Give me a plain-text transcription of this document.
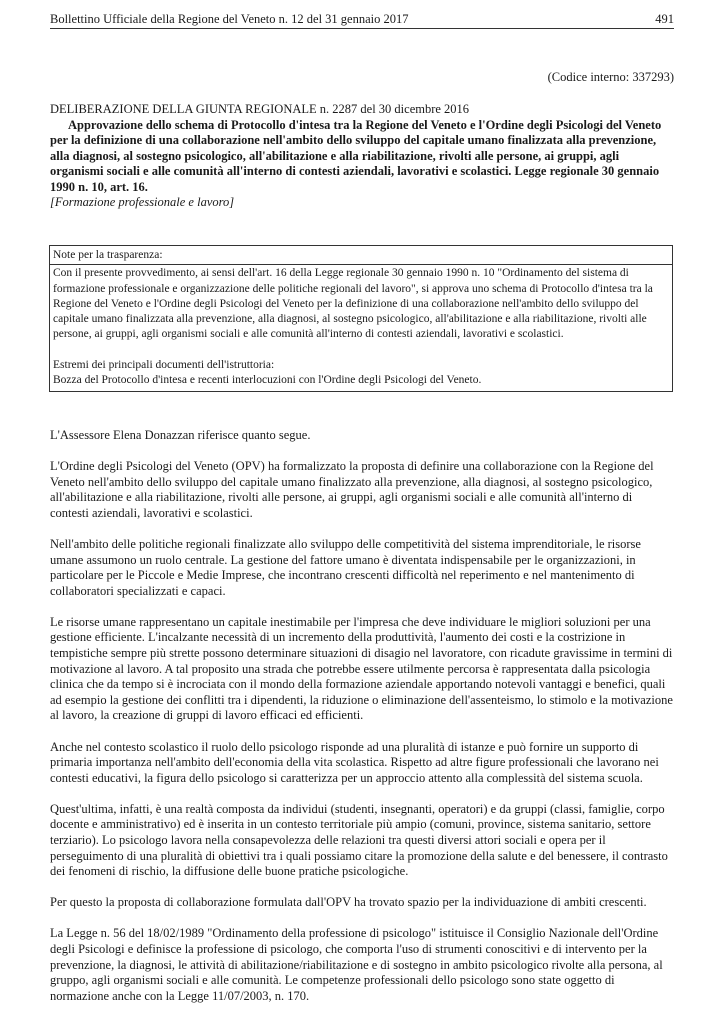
Bollettino Ufficiale della Regione del Veneto n. 12 del 31 gennaio 2017	491
(Codice interno: 337293)

DELIBERAZIONE DELLA GIUNTA REGIONALE n. 2287 del 30 dicembre 2016

Approvazione dello schema di Protocollo d'intesa tra la Regione del Veneto e l'Ordine degli Psicologi del Veneto per la definizione di una collaborazione nell'ambito dello sviluppo del capitale umano finalizzata alla prevenzione, alla diagnosi, al sostegno psicologico, all'abilitazione e alla riabilitazione, rivolti alle persone, ai gruppi, agli organismi sociali e alle comunità all'interno di contesti aziendali, lavorativi e scolastici. Legge regionale 30 gennaio 1990 n. 10, art. 16.

[Formazione professionale e lavoro]

Note per la trasparenza:

Con il presente provvedimento, ai sensi dell'art. 16 della Legge regionale 30 gennaio 1990 n. 10 "Ordinamento del sistema di formazione professionale e organizzazione delle politiche regionali del lavoro", si approva uno schema di Protocollo d'intesa tra la Regione del Veneto e l'Ordine degli Psicologi del Veneto per la definizione di una collaborazione nell'ambito dello sviluppo del capitale umano finalizzata alla prevenzione, alla diagnosi, al sostegno psicologico, all'abilitazione e alla riabilitazione, rivolti alle persone, ai gruppi, agli organismi sociali e alle comunità all'interno di contesti aziendali, lavorativi e scolastici.

Estremi dei principali documenti dell'istruttoria:

Bozza del Protocollo d'intesa e recenti interlocuzioni con l'Ordine degli Psicologi del Veneto.

L'Assessore Elena Donazzan riferisce quanto segue.

L'Ordine degli Psicologi del Veneto (OPV) ha formalizzato la proposta di definire una collaborazione con la Regione del Veneto nell'ambito dello sviluppo del capitale umano finalizzato alla prevenzione, alla diagnosi, al sostegno psicologico, all'abilitazione e alla riabilitazione, rivolti alle persone, ai gruppi, agli organismi sociali e alle comunità all'interno di contesti aziendali, lavorativi e scolastici.

Nell'ambito delle politiche regionali finalizzate allo sviluppo delle competitività del sistema imprenditoriale, le risorse umane assumono un ruolo centrale. La gestione del fattore umano è diventata indispensabile per le organizzazioni, in particolare per le Piccole e Medie Imprese, che incontrano crescenti difficoltà nel reperimento e nel mantenimento di collaboratori specializzati e capaci.

Le risorse umane rappresentano un capitale inestimabile per l'impresa che deve individuare le migliori soluzioni per una gestione efficiente. L'incalzante necessità di un incremento della produttività, l'aumento dei costi e la costrizione in tempistiche sempre più strette possono determinare situazioni di disagio nel lavoratore, con ricadute gravissime in termini di motivazione al lavoro. A tal proposito una strada che potrebbe essere utilmente percorsa è rappresentata dalla psicologia clinica che da tempo si è incrociata con il mondo della formazione aziendale apportando notevoli vantaggi e benefici, quali ad esempio la gestione dei conflitti tra i dipendenti, la riduzione o eliminazione dell'assenteismo, lo stimolo e la motivazione al lavoro, la creazione di gruppi di lavoro efficaci ed efficienti.

Anche nel contesto scolastico il ruolo dello psicologo risponde ad una pluralità di istanze e può fornire un supporto di primaria importanza nell'ambito dell'economia della vita scolastica. Rispetto ad altre figure professionali che lavorano nei contesti educativi, la figura dello psicologo si caratterizza per un approccio attento alla complessità del sistema scuola.

Quest'ultima, infatti, è una realtà composta da individui (studenti, insegnanti, operatori) e da gruppi (classi, famiglie, corpo docente e amministrativo) ed è inserita in un contesto territoriale più ampio (comuni, province, sistema sanitario, settore terziario). Lo psicologo lavora nella consapevolezza delle relazioni tra questi diversi attori sociali e opera per il perseguimento di una pluralità di obiettivi tra i quali possiamo citare la promozione della salute e del benessere, il contrasto dei fenomeni di rischio, la diffusione delle buone pratiche psicologiche.

Per questo la proposta di collaborazione formulata dall'OPV ha trovato spazio per la individuazione di ambiti crescenti.

La Legge n. 56 del 18/02/1989 "Ordinamento della professione di psicologo" istituisce il Consiglio Nazionale dell'Ordine degli Psicologi e definisce la professione di psicologo, che comporta l'uso di strumenti conoscitivi e di intervento per la prevenzione, la diagnosi, le attività di abilitazione/riabilitazione e di sostegno in ambito psicologico rivolte alla persona, al gruppo, agli organismi sociali e alle comunità. Le competenze professionali dello psicologo sono state oggetto di normazione anche con la Legge 11/07/2003, n. 170.
